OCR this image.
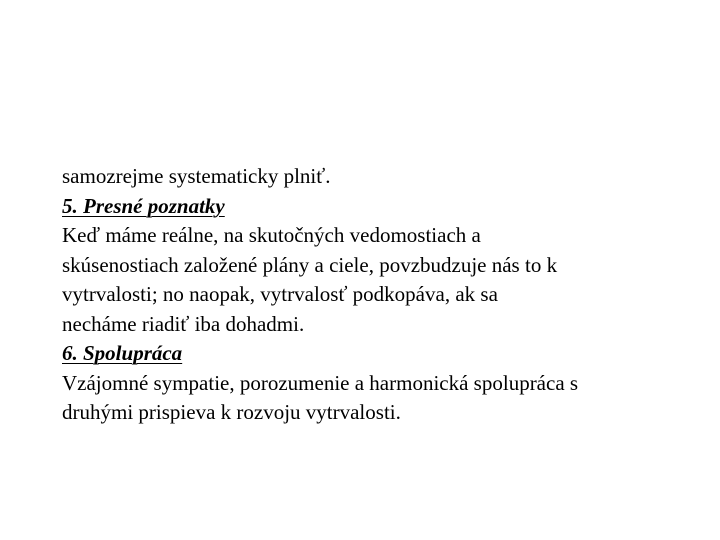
samozrejme systematicky plniť.

5. Presné poznatky

Keď máme reálne, na skutočných vedomostiach a
skúsenostiach založené plány a ciele, povzbudzuje nás to k
vytrvalosti; no naopak, vytrvalosť podkopáva, ak sa
necháme riadiť iba dohadmi.

6. Spolupráca

Vzájomné sympatie, porozumenie a harmonická spolupráca s
druhými prispieva k rozvoju vytrvalosti.
